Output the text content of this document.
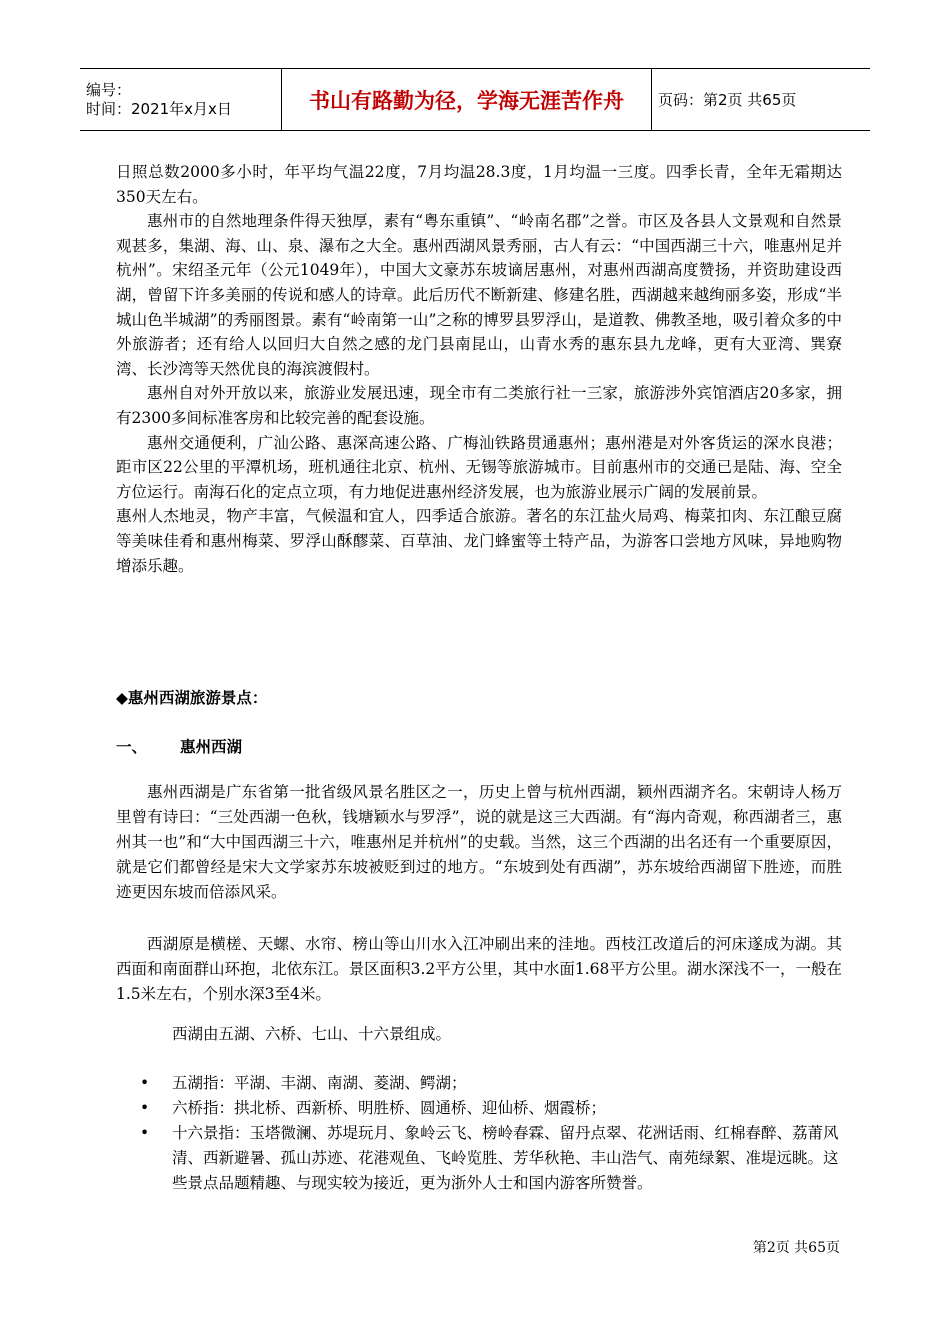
编号：
时间：2021年x月x日	书山有路勤为径，学海无涯苦作舟	页码：第2页 共65页

日照总数2000多小时，年平均气温22度，7月均温28.3度，1月均温一三度。四季长青，全年无霜期达350天左右。

惠州市的自然地理条件得天独厚，素有“粤东重镇”、“岭南名郡”之誉。市区及各县人文景观和自然景观甚多，集湖、海、山、泉、瀑布之大全。惠州西湖风景秀丽，古人有云：“中国西湖三十六，唯惠州足并杭州”。宋绍圣元年（公元1049年），中国大文豪苏东坡谪居惠州，对惠州西湖高度赞扬，并资助建设西湖，曾留下许多美丽的传说和感人的诗章。此后历代不断新建、修建名胜，西湖越来越绚丽多姿，形成“半城山色半城湖”的秀丽图景。素有“岭南第一山”之称的博罗县罗浮山，是道教、佛教圣地，吸引着众多的中外旅游者；还有给人以回归大自然之感的龙门县南昆山，山青水秀的惠东县九龙峰，更有大亚湾、巽寮湾、长沙湾等天然优良的海滨渡假村。

惠州自对外开放以来，旅游业发展迅速，现全市有二类旅行社一三家，旅游涉外宾馆酒店20多家，拥有2300多间标准客房和比较完善的配套设施。

惠州交通便利，广汕公路、惠深高速公路、广梅汕铁路贯通惠州；惠州港是对外客货运的深水良港；距市区22公里的平潭机场，班机通往北京、杭州、无锡等旅游城市。目前惠州市的交通已是陆、海、空全方位运行。南海石化的定点立项，有力地促进惠州经济发展，也为旅游业展示广阔的发展前景。

惠州人杰地灵，物产丰富，气候温和宜人，四季适合旅游。著名的东江盐火局鸡、梅菜扣肉、东江酿豆腐等美味佳肴和惠州梅菜、罗浮山酥醪菜、百草油、龙门蜂蜜等土特产品，为游客口尝地方风味，异地购物增添乐趣。

◆惠州西湖旅游景点：
一、 惠州西湖

惠州西湖是广东省第一批省级风景名胜区之一，历史上曾与杭州西湖，颖州西湖齐名。宋朝诗人杨万里曾有诗曰：“三处西湖一色秋，钱塘颖水与罗浮”，说的就是这三大西湖。有“海内奇观，称西湖者三，惠州其一也”和“大中国西湖三十六，唯惠州足并杭州”的史载。当然，这三个西湖的出名还有一个重要原因，就是它们都曾经是宋大文学家苏东坡被贬到过的地方。“东坡到处有西湖”，苏东坡给西湖留下胜迹，而胜迹更因东坡而倍添风采。

西湖原是横槎、天螺、水帘、榜山等山川水入江冲刷出来的洼地。西枝江改道后的河床遂成为湖。其西面和南面群山环抱，北依东江。景区面积3.2平方公里，其中水面1.68平方公里。湖水深浅不一，一般在1.5米左右，个别水深3至4米。

西湖由五湖、六桥、七山、十六景组成。

• 五湖指：平湖、丰湖、南湖、菱湖、鳄湖；
• 六桥指：拱北桥、西新桥、明胜桥、圆通桥、迎仙桥、烟霞桥；
• 十六景指：玉塔微澜、苏堤玩月、象岭云飞、榜岭春霖、留丹点翠、花洲话雨、红棉春醉、荔莆风清、西新避暑、孤山苏迹、花港观鱼、飞岭览胜、芳华秋艳、丰山浩气、南苑绿絮、准堤远眺。这
些景点品题精趣、与现实较为接近，更为浙外人士和国内游客所赞誉。
第2页 共65页
